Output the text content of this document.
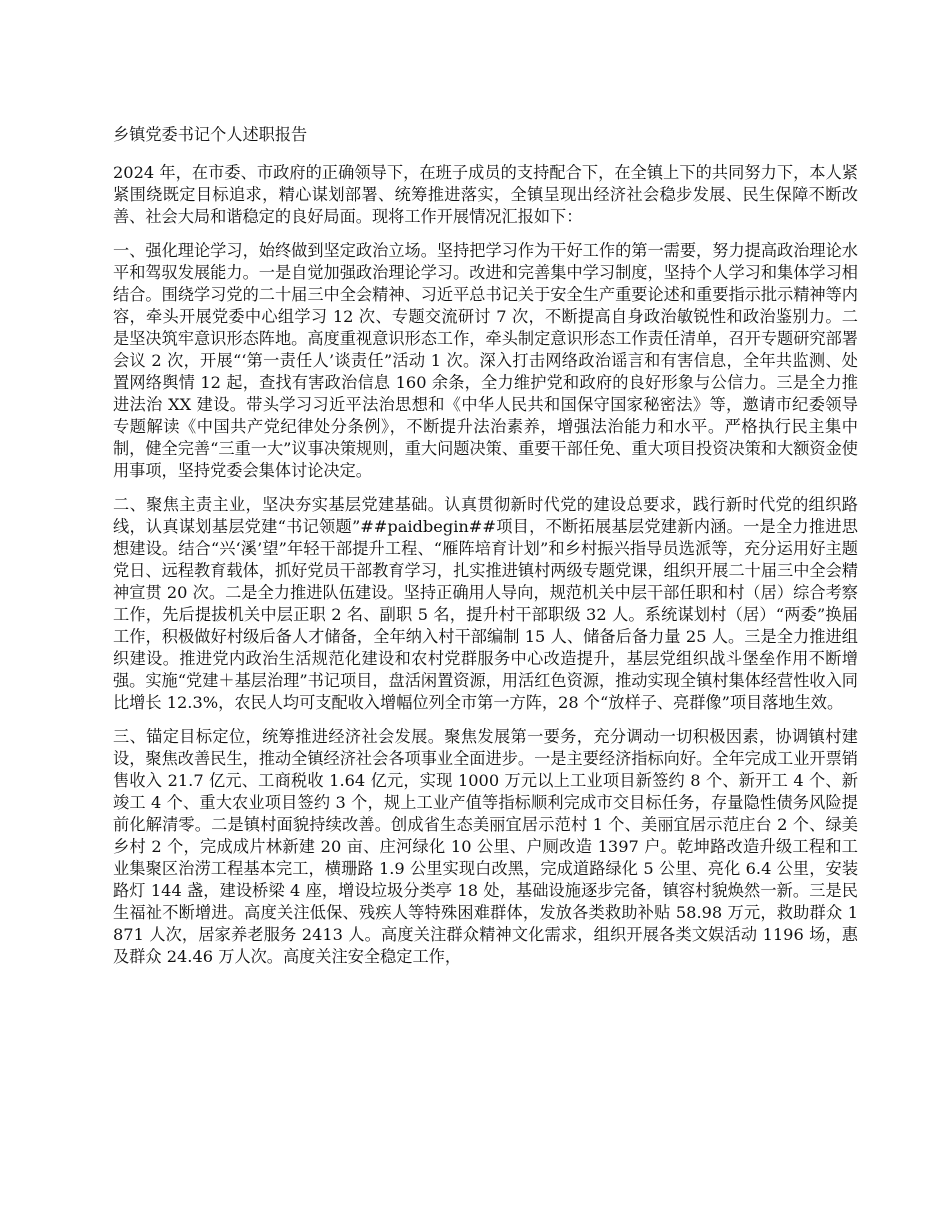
乡镇党委书记个人述职报告

2024 年，在市委、市政府的正确领导下，在班子成员的支持配合下，在全镇上下的共同努力下，本人紧紧围绕既定目标追求，精心谋划部署、统筹推进落实，全镇呈现出经济社会稳步发展、民生保障不断改善、社会大局和谐稳定的良好局面。现将工作开展情况汇报如下：

一、强化理论学习，始终做到坚定政治立场。坚持把学习作为干好工作的第一需要，努力提高政治理论水平和驾驭发展能力。一是自觉加强政治理论学习。改进和完善集中学习制度，坚持个人学习和集体学习相结合。围绕学习党的二十届三中全会精神、习近平总书记关于安全生产重要论述和重要指示批示精神等内容，牵头开展党委中心组学习 12 次、专题交流研讨 7 次，不断提高自身政治敏锐性和政治鉴别力。二是坚决筑牢意识形态阵地。高度重视意识形态工作，牵头制定意识形态工作责任清单，召开专题研究部署会议 2 次，开展“‘第一责任人’谈责任”活动 1 次。深入打击网络政治谣言和有害信息，全年共监测、处置网络舆情 12 起，查找有害政治信息 160 余条，全力维护党和政府的良好形象与公信力。三是全力推进法治 XX 建设。带头学习习近平法治思想和《中华人民共和国保守国家秘密法》等，邀请市纪委领导专题解读《中国共产党纪律处分条例》，不断提升法治素养，增强法治能力和水平。严格执行民主集中制，健全完善“三重一大”议事决策规则，重大问题决策、重要干部任免、重大项目投资决策和大额资金使用事项，坚持党委会集体讨论决定。

二、聚焦主责主业，坚决夯实基层党建基础。认真贯彻新时代党的建设总要求，践行新时代党的组织路线，认真谋划基层党建“书记领题”##paidbegin##项目，不断拓展基层党建新内涵。一是全力推进思想建设。结合“兴‘溪’望”年轻干部提升工程、“雁阵培育计划”和乡村振兴指导员选派等，充分运用好主题党日、远程教育载体，抓好党员干部教育学习，扎实推进镇村两级专题党课，组织开展二十届三中全会精神宣贯 20 次。二是全力推进队伍建设。坚持正确用人导向，规范机关中层干部任职和村（居）综合考察工作，先后提拔机关中层正职 2 名、副职 5 名，提升村干部职级 32 人。系统谋划村（居）“两委”换届工作，积极做好村级后备人才储备，全年纳入村干部编制 15 人、储备后备力量 25 人。三是全力推进组织建设。推进党内政治生活规范化建设和农村党群服务中心改造提升，基层党组织战斗堡垒作用不断增强。实施“党建＋基层治理”书记项目，盘活闲置资源，用活红色资源，推动实现全镇村集体经营性收入同比增长 12.3%，农民人均可支配收入增幅位列全市第一方阵，28 个“放样子、亮群像”项目落地生效。

三、锚定目标定位，统筹推进经济社会发展。聚焦发展第一要务，充分调动一切积极因素，协调镇村建设，聚焦改善民生，推动全镇经济社会各项事业全面进步。一是主要经济指标向好。全年完成工业开票销售收入 21.7 亿元、工商税收 1.64 亿元，实现 1000 万元以上工业项目新签约 8 个、新开工 4 个、新竣工 4 个、重大农业项目签约 3 个，规上工业产值等指标顺利完成市交目标任务，存量隐性债务风险提前化解清零。二是镇村面貌持续改善。创成省生态美丽宜居示范村 1 个、美丽宜居示范庄台 2 个、绿美乡村 2 个，完成成片林新建 20 亩、庄河绿化 10 公里、户厕改造 1397 户。乾坤路改造升级工程和工业集聚区治涝工程基本完工，横珊路 1.9 公里实现白改黑，完成道路绿化 5 公里、亮化 6.4 公里，安装路灯 144 盏，建设桥梁 4 座，增设垃圾分类亭 18 处，基础设施逐步完备，镇容村貌焕然一新。三是民生福祉不断增进。高度关注低保、残疾人等特殊困难群体，发放各类救助补贴 58.98 万元，救助群众 1871 人次，居家养老服务 2413 人。高度关注群众精神文化需求，组织开展各类文娱活动 1196 场，惠及群众 24.46 万人次。高度关注安全稳定工作，
